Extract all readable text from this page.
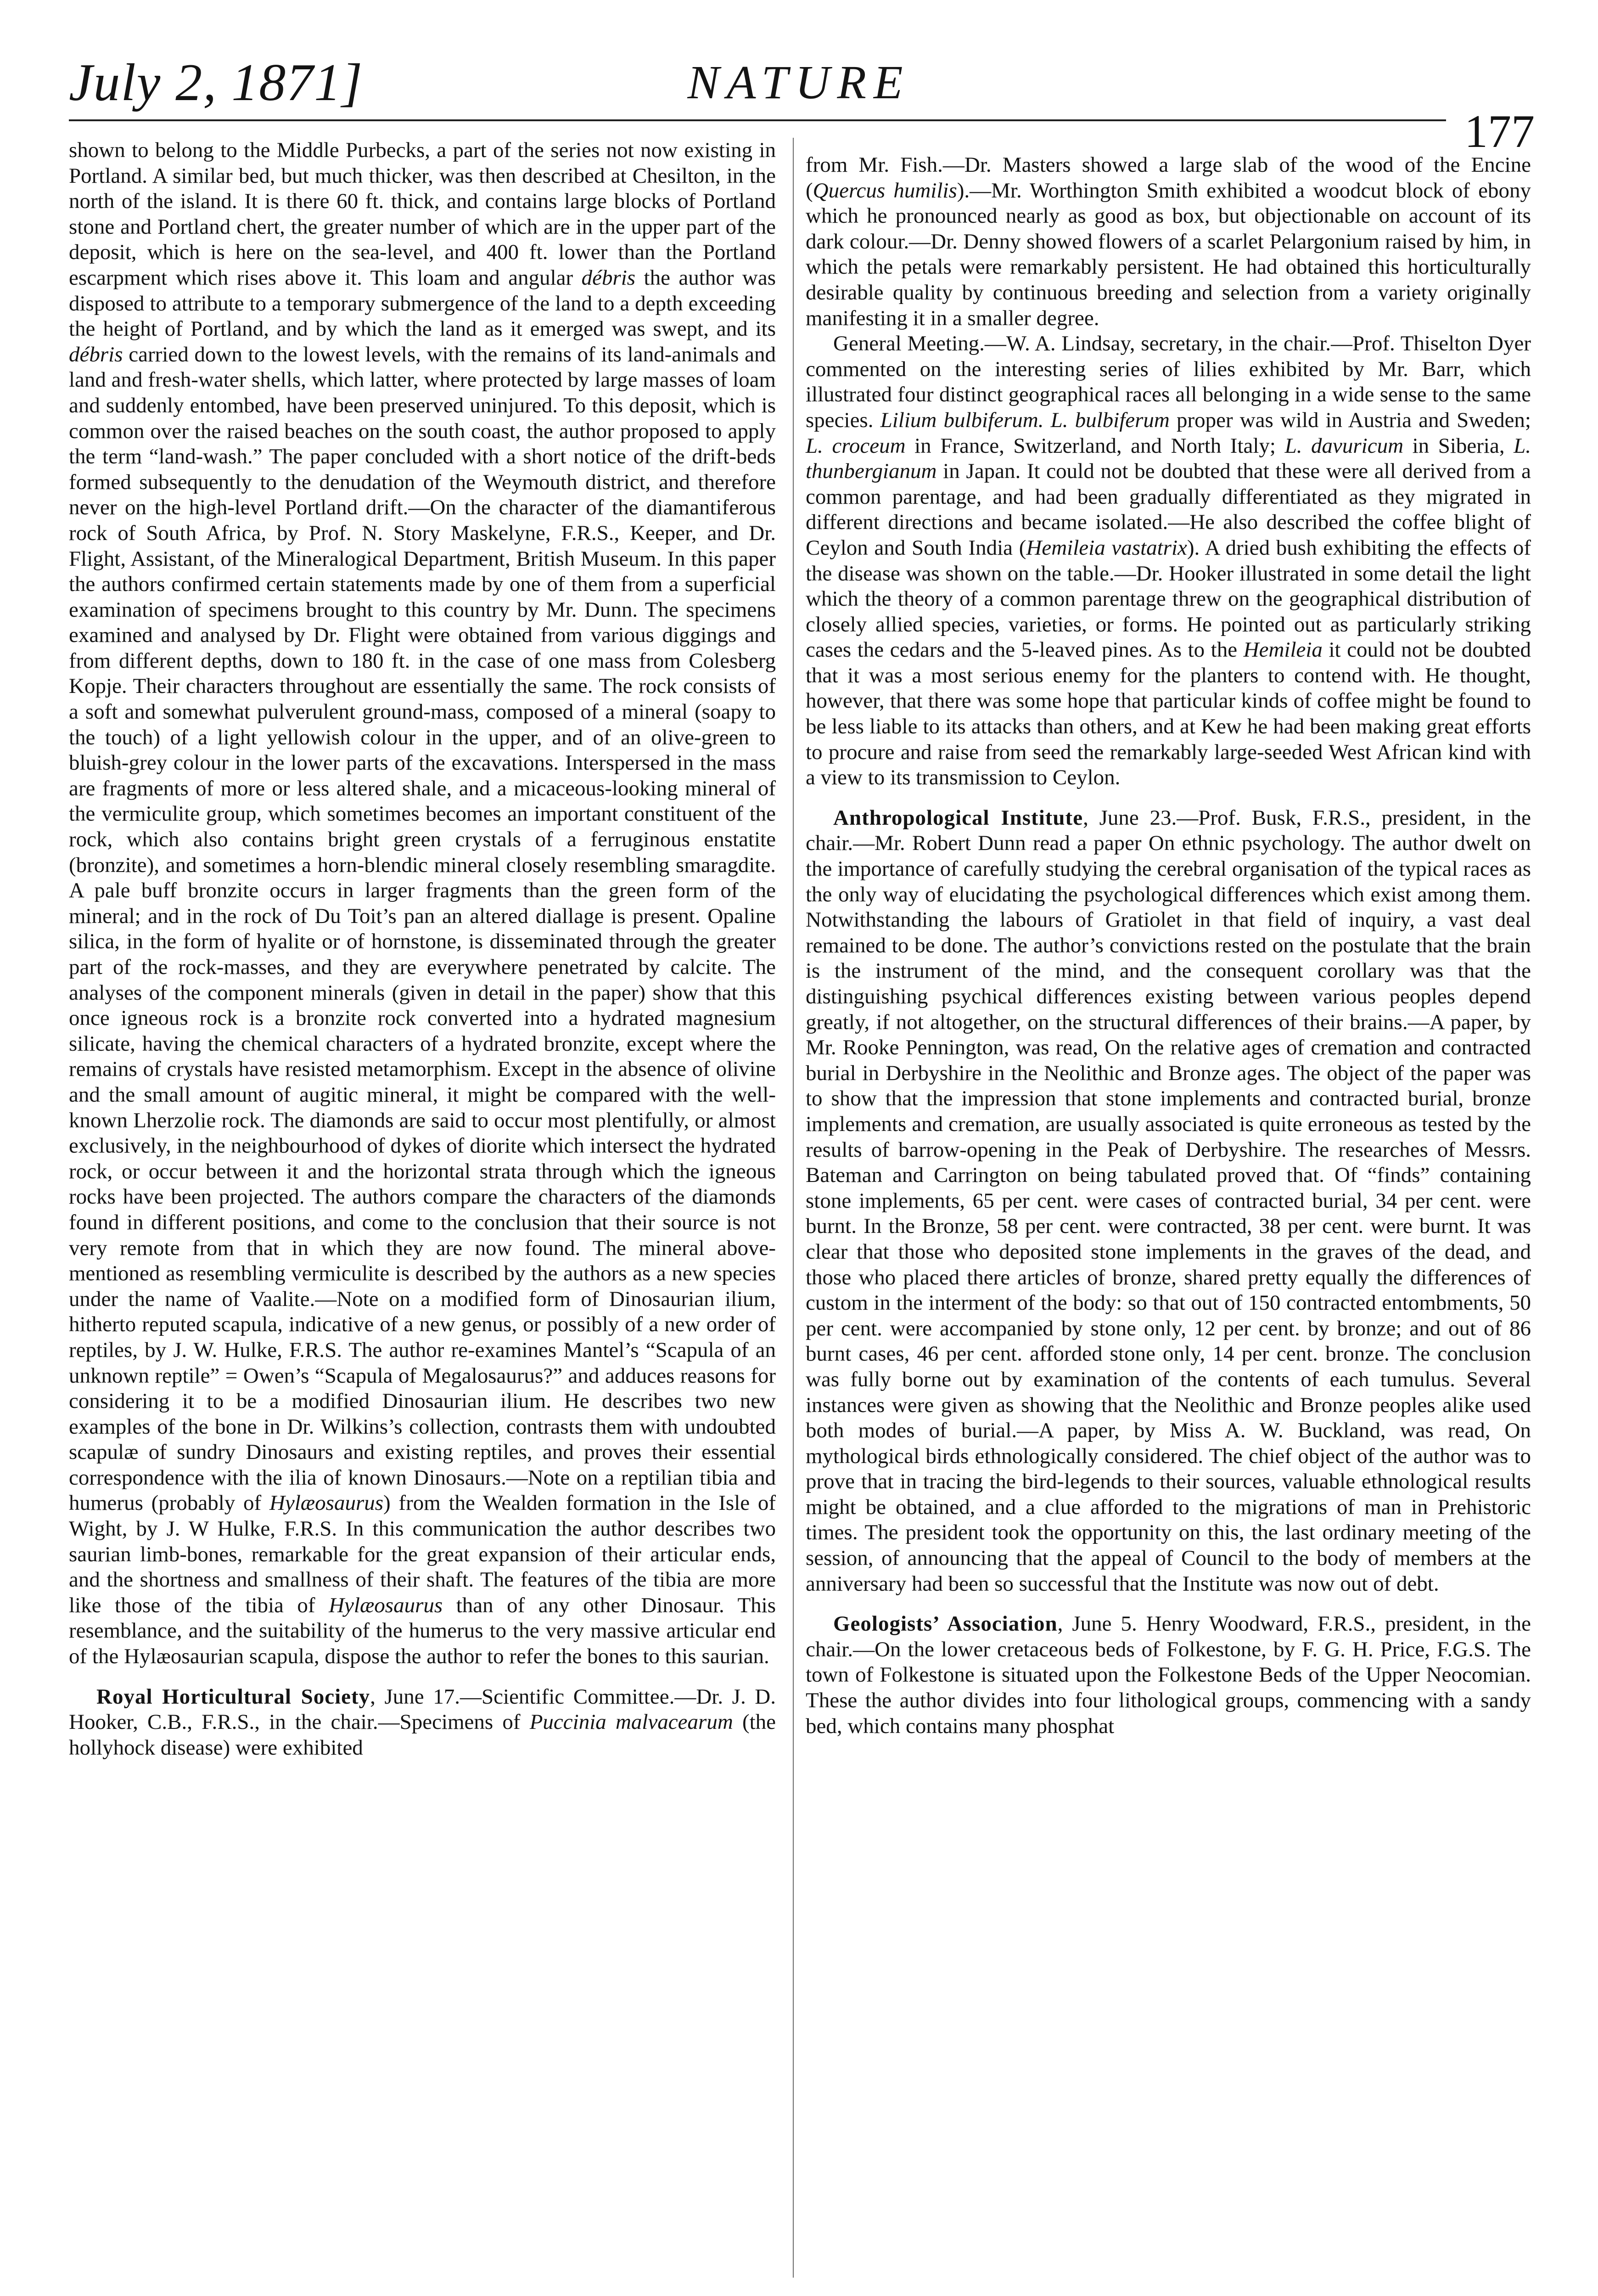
July 2, 1871]	NATURE
177

shown to belong to the Middle Purbecks, a part of the series not now existing in Portland. A similar bed, but much thicker, was then described at Chesilton, in the north of the island. It is there 60 ft. thick, and contains large blocks of Portland stone and Portland chert, the greater number of which are in the upper part of the deposit, which is here on the sea-level, and 400 ft. lower than the Portland escarpment which rises above it. This loam and angular débris the author was disposed to attribute to a temporary submergence of the land to a depth exceeding the height of Portland, and by which the land as it emerged was swept, and its débris carried down to the lowest levels, with the remains of its land-animals and land and fresh-water shells, which latter, where protected by large masses of loam and suddenly entombed, have been preserved uninjured. To this deposit, which is common over the raised beaches on the south coast, the author proposed to apply the term “land-wash.” The paper concluded with a short notice of the drift-beds formed subsequently to the denudation of the Weymouth district, and therefore never on the high-level Portland drift.—On the character of the diamantiferous rock of South Africa, by Prof. N. Story Maskelyne, F.R.S., Keeper, and Dr. Flight, Assistant, of the Mineralogical Department, British Museum. In this paper the authors confirmed certain statements made by one of them from a superficial examination of specimens brought to this country by Mr. Dunn. The specimens examined and analysed by Dr. Flight were obtained from various diggings and from different depths, down to 180 ft. in the case of one mass from Colesberg Kopje. Their characters throughout are essentially the same. The rock consists of a soft and somewhat pulverulent ground-mass, composed of a mineral (soapy to the touch) of a light yellowish colour in the upper, and of an olive-green to bluish-grey colour in the lower parts of the excavations. Interspersed in the mass are fragments of more or less altered shale, and a micaceous-looking mineral of the vermiculite group, which sometimes becomes an important constituent of the rock, which also contains bright green crystals of a ferruginous enstatite (bronzite), and sometimes a horn-blendic mineral closely resembling smaragdite. A pale buff bronzite occurs in larger fragments than the green form of the mineral; and in the rock of Du Toit’s pan an altered diallage is present. Opaline silica, in the form of hyalite or of hornstone, is disseminated through the greater part of the rock-masses, and they are everywhere penetrated by calcite. The analyses of the component minerals (given in detail in the paper) show that this once igneous rock is a bronzite rock converted into a hydrated magnesium silicate, having the chemical characters of a hydrated bronzite, except where the remains of crystals have resisted metamorphism. Except in the absence of olivine and the small amount of augitic mineral, it might be compared with the well-known Lherzolie rock. The diamonds are said to occur most plentifully, or almost exclusively, in the neighbourhood of dykes of diorite which intersect the hydrated rock, or occur between it and the horizontal strata through which the igneous rocks have been projected. The authors compare the characters of the diamonds found in different positions, and come to the conclusion that their source is not very remote from that in which they are now found. The mineral above-mentioned as resembling vermiculite is described by the authors as a new species under the name of Vaalite.—Note on a modified form of Dinosaurian ilium, hitherto reputed scapula, indicative of a new genus, or possibly of a new order of reptiles, by J. W. Hulke, F.R.S. The author re-examines Mantel’s “Scapula of an unknown reptile” = Owen’s “Scapula of Megalosaurus?” and adduces reasons for considering it to be a modified Dinosaurian ilium. He describes two new examples of the bone in Dr. Wilkins’s collection, contrasts them with undoubted scapulæ of sundry Dinosaurs and existing reptiles, and proves their essential correspondence with the ilia of known Dinosaurs.—Note on a reptilian tibia and humerus (probably of Hylæosaurus) from the Wealden formation in the Isle of Wight, by J. W Hulke, F.R.S. In this communication the author describes two saurian limb-bones, remarkable for the great expansion of their articular ends, and the shortness and smallness of their shaft. The features of the tibia are more like those of the tibia of Hylæosaurus than of any other Dinosaur. This resemblance, and the suitability of the humerus to the very massive articular end of the Hylæosaurian scapula, dispose the author to refer the bones to this saurian.

Royal Horticultural Society, June 17.—Scientific Committee.—Dr. J. D. Hooker, C.B., F.R.S., in the chair.—Specimens of Puccinia malvacearum (the hollyhock disease) were exhibited

from Mr. Fish.—Dr. Masters showed a large slab of the wood of the Encine (Quercus humilis).—Mr. Worthington Smith exhibited a woodcut block of ebony which he pronounced nearly as good as box, but objectionable on account of its dark colour.—Dr. Denny showed flowers of a scarlet Pelargonium raised by him, in which the petals were remarkably persistent. He had obtained this horticulturally desirable quality by continuous breeding and selection from a variety originally manifesting it in a smaller degree.

General Meeting.—W. A. Lindsay, secretary, in the chair.—Prof. Thiselton Dyer commented on the interesting series of lilies exhibited by Mr. Barr, which illustrated four distinct geographical races all belonging in a wide sense to the same species. Lilium bulbiferum. L. bulbiferum proper was wild in Austria and Sweden; L. croceum in France, Switzerland, and North Italy; L. davuricum in Siberia, L. thunbergianum in Japan. It could not be doubted that these were all derived from a common parentage, and had been gradually differentiated as they migrated in different directions and became isolated.—He also described the coffee blight of Ceylon and South India (Hemileia vastatrix). A dried bush exhibiting the effects of the disease was shown on the table.—Dr. Hooker illustrated in some detail the light which the theory of a common parentage threw on the geographical distribution of closely allied species, varieties, or forms. He pointed out as particularly striking cases the cedars and the 5-leaved pines. As to the Hemileia it could not be doubted that it was a most serious enemy for the planters to contend with. He thought, however, that there was some hope that particular kinds of coffee might be found to be less liable to its attacks than others, and at Kew he had been making great efforts to procure and raise from seed the remarkably large-seeded West African kind with a view to its transmission to Ceylon.

Anthropological Institute, June 23.—Prof. Busk, F.R.S., president, in the chair.—Mr. Robert Dunn read a paper On ethnic psychology. The author dwelt on the importance of carefully studying the cerebral organisation of the typical races as the only way of elucidating the psychological differences which exist among them. Notwithstanding the labours of Gratiolet in that field of inquiry, a vast deal remained to be done. The author’s convictions rested on the postulate that the brain is the instrument of the mind, and the consequent corollary was that the distinguishing psychical differences existing between various peoples depend greatly, if not altogether, on the structural differences of their brains.—A paper, by Mr. Rooke Pennington, was read, On the relative ages of cremation and contracted burial in Derbyshire in the Neolithic and Bronze ages. The object of the paper was to show that the impression that stone implements and contracted burial, bronze implements and cremation, are usually associated is quite erroneous as tested by the results of barrow-opening in the Peak of Derbyshire. The researches of Messrs. Bateman and Carrington on being tabulated proved that. Of “finds” containing stone implements, 65 per cent. were cases of contracted burial, 34 per cent. were burnt. In the Bronze, 58 per cent. were contracted, 38 per cent. were burnt. It was clear that those who deposited stone implements in the graves of the dead, and those who placed there articles of bronze, shared pretty equally the differences of custom in the interment of the body: so that out of 150 contracted entombments, 50 per cent. were accompanied by stone only, 12 per cent. by bronze; and out of 86 burnt cases, 46 per cent. afforded stone only, 14 per cent. bronze. The conclusion was fully borne out by examination of the contents of each tumulus. Several instances were given as showing that the Neolithic and Bronze peoples alike used both modes of burial.—A paper, by Miss A. W. Buckland, was read, On mythological birds ethnologically considered. The chief object of the author was to prove that in tracing the bird-legends to their sources, valuable ethnological results might be obtained, and a clue afforded to the migrations of man in Prehistoric times. The president took the opportunity on this, the last ordinary meeting of the session, of announcing that the appeal of Council to the body of members at the anniversary had been so successful that the Institute was now out of debt.

Geologists’ Association, June 5. Henry Woodward, F.R.S., president, in the chair.—On the lower cretaceous beds of Folkestone, by F. G. H. Price, F.G.S. The town of Folkestone is situated upon the Folkestone Beds of the Upper Neocomian. These the author divides into four lithological groups, commencing with a sandy bed, which contains many phosphat
